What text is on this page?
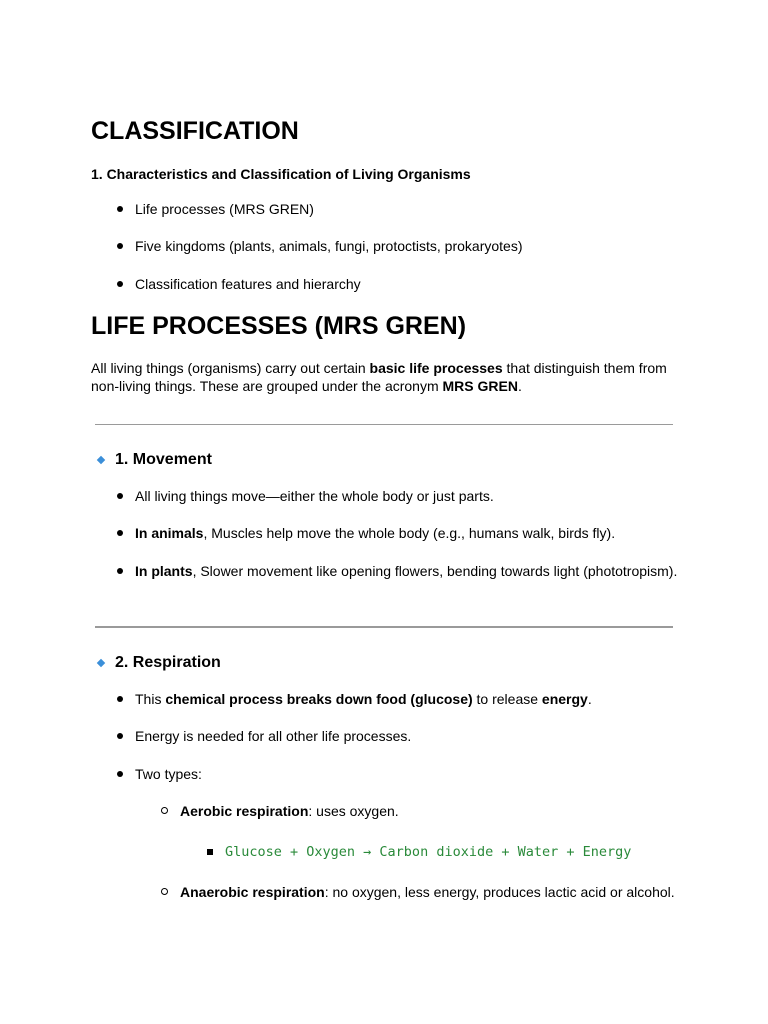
CLASSIFICATION
1. Characteristics and Classification of Living Organisms
Life processes (MRS GREN)
Five kingdoms (plants, animals, fungi, protoctists, prokaryotes)
Classification features and hierarchy
LIFE PROCESSES (MRS GREN)
All living things (organisms) carry out certain basic life processes that distinguish them from
non-living things. These are grouped under the acronym MRS GREN.
1. Movement
All living things move—either the whole body or just parts.
In animals, Muscles help move the whole body (e.g., humans walk, birds fly).
In plants, Slower movement like opening flowers, bending towards light (phototropism).
2. Respiration
This chemical process breaks down food (glucose) to release energy.
Energy is needed for all other life processes.
Two types:
Aerobic respiration: uses oxygen.
Glucose + Oxygen → Carbon dioxide + Water + Energy
Anaerobic respiration: no oxygen, less energy, produces lactic acid or alcohol.
